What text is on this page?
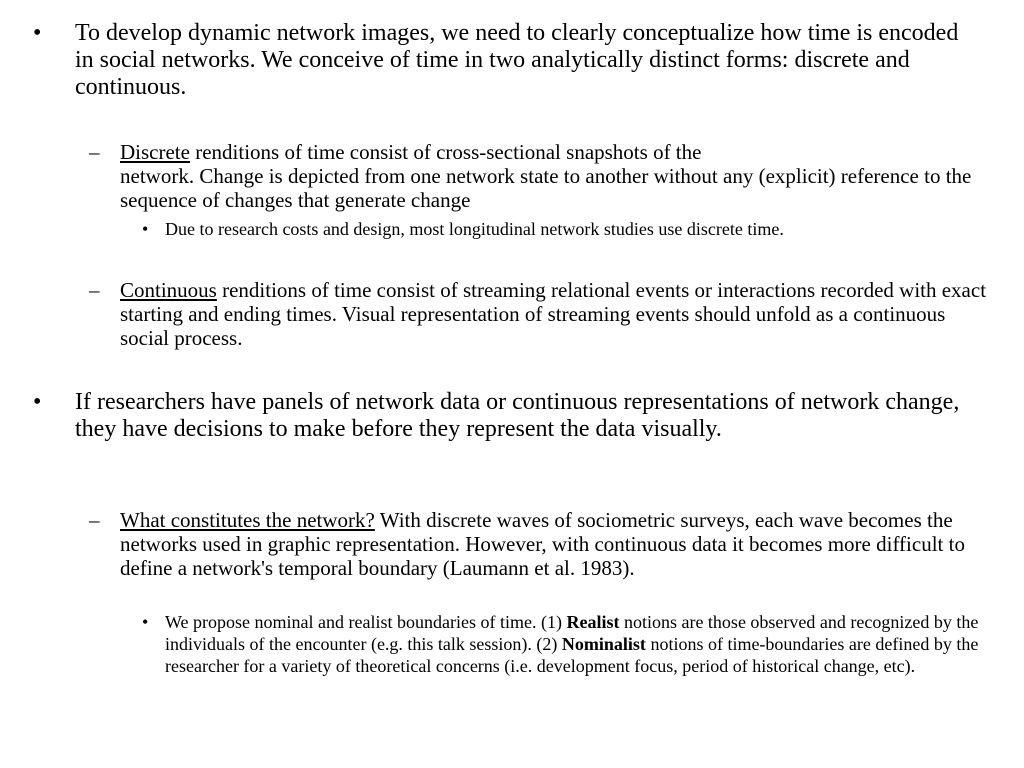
•	To develop dynamic network images, we need to clearly conceptualize how time is encoded in social networks. We conceive of time in two analytically distinct forms: discrete and continuous.

– Discrete renditions of time consist of cross-sectional snapshots of the
network. Change is depicted from one network state to another without any (explicit) reference to the sequence of changes that generate change

• Due to research costs and design, most longitudinal network studies use discrete time.

– Continuous renditions of time consist of streaming relational events or interactions recorded with exact starting and ending times. Visual representation of streaming events should unfold as a continuous social process.

•	If researchers have panels of network data or continuous representations of network change, they have decisions to make before they represent the data visually.

– What constitutes the network? With discrete waves of sociometric surveys, each wave becomes the networks used in graphic representation. However, with continuous data it becomes more difficult to define a network's temporal boundary (Laumann et al. 1983).

• We propose nominal and realist boundaries of time. (1) Realist notions are those observed and recognized by the individuals of the encounter (e.g. this talk session). (2) Nominalist notions of time-boundaries are defined by the researcher for a variety of theoretical concerns (i.e. development focus, period of historical change, etc).
